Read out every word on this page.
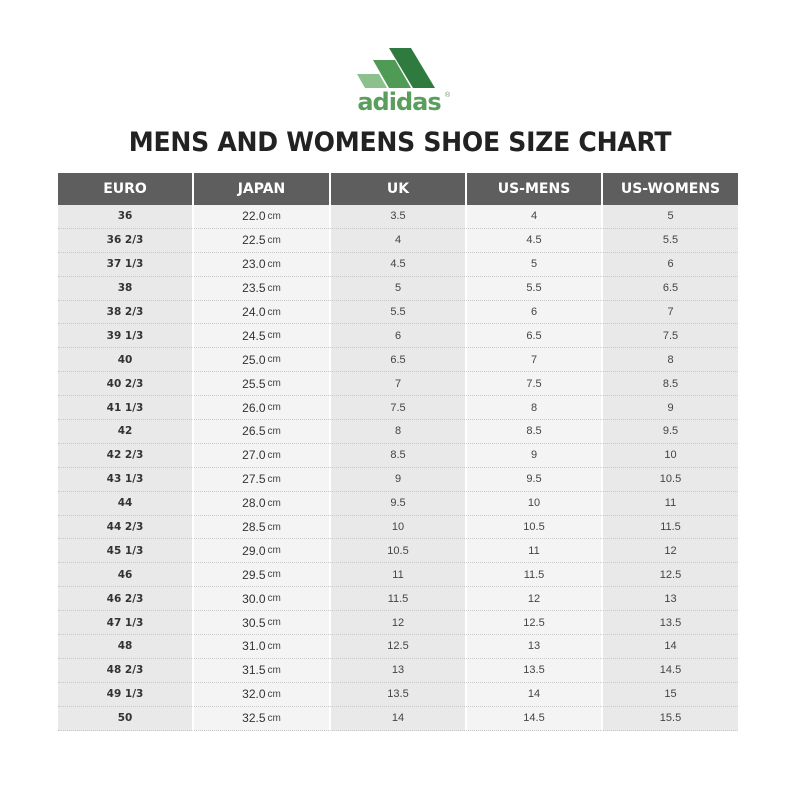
adidas ®
MENS AND WOMENS SHOE SIZE CHART
EURO	JAPAN	UK	US-MENS	US-WOMENS
36	22.0 cm	3.5	4	5
36 2/3	22.5 cm	4	4.5	5.5
37 1/3	23.0 cm	4.5	5	6
38	23.5 cm	5	5.5	6.5
38 2/3	24.0 cm	5.5	6	7
39 1/3	24.5 cm	6	6.5	7.5
40	25.0 cm	6.5	7	8
40 2/3	25.5 cm	7	7.5	8.5
41 1/3	26.0 cm	7.5	8	9
42	26.5 cm	8	8.5	9.5
42 2/3	27.0 cm	8.5	9	10
43 1/3	27.5 cm	9	9.5	10.5
44	28.0 cm	9.5	10	11
44 2/3	28.5 cm	10	10.5	11.5
45 1/3	29.0 cm	10.5	11	12
46	29.5 cm	11	11.5	12.5
46 2/3	30.0 cm	11.5	12	13
47 1/3	30.5 cm	12	12.5	13.5
48	31.0 cm	12.5	13	14
48 2/3	31.5 cm	13	13.5	14.5
49 1/3	32.0 cm	13.5	14	15
50	32.5 cm	14	14.5	15.5
